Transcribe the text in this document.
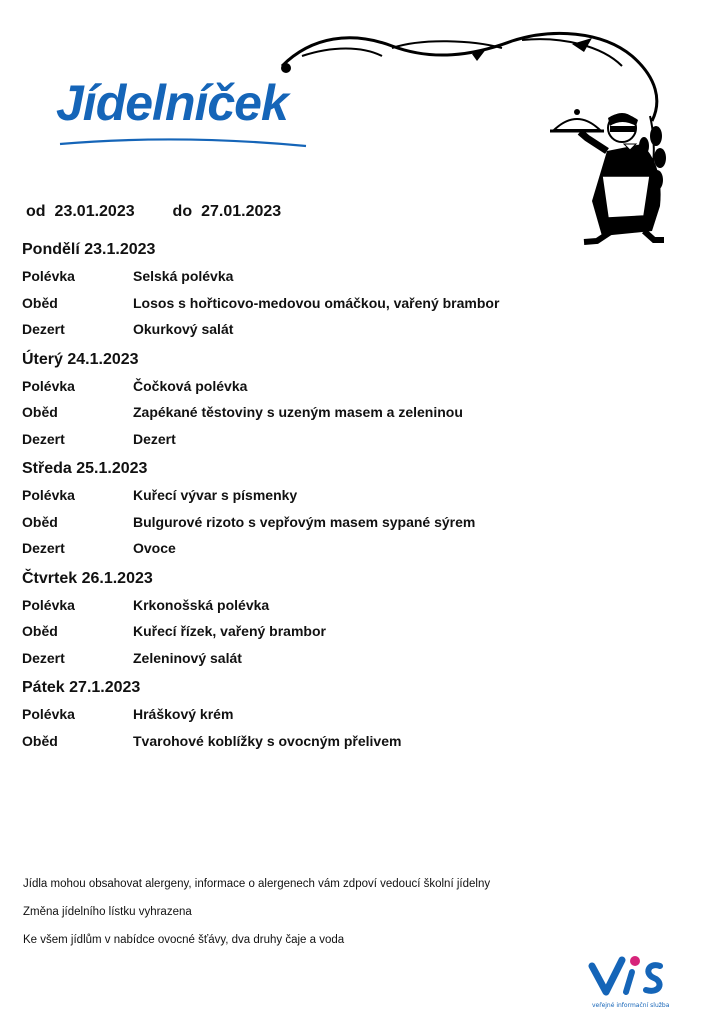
Jídelníček
od 23.01.2023 do 27.01.2023
Pondělí 23.1.2023
Polévka	Selská polévka
Oběd	Losos s hořticovo-medovou omáčkou, vařený brambor
Dezert	Okurkový salát
Úterý 24.1.2023
Polévka	Čočková polévka
Oběd	Zapékané těstoviny s uzeným masem a zeleninou
Dezert	Dezert
Středa 25.1.2023
Polévka	Kuřecí vývar s písmenky
Oběd	Bulgurové rizoto s vepřovým masem sypané sýrem
Dezert	Ovoce
Čtvrtek 26.1.2023
Polévka	Krkonošská polévka
Oběd	Kuřecí řízek, vařený brambor
Dezert	Zeleninový salát
Pátek 27.1.2023
Polévka	Hráškový krém
Oběd	Tvarohové koblížky s ovocným přelivem
Jídla mohou obsahovat alergeny, informace o alergenech vám zdpoví vedoucí školní jídelny
Změna jídelního lístku vyhrazena
Ke všem jídlům v nabídce ovocné šťávy, dva druhy čaje a voda
veřejné informační služba
